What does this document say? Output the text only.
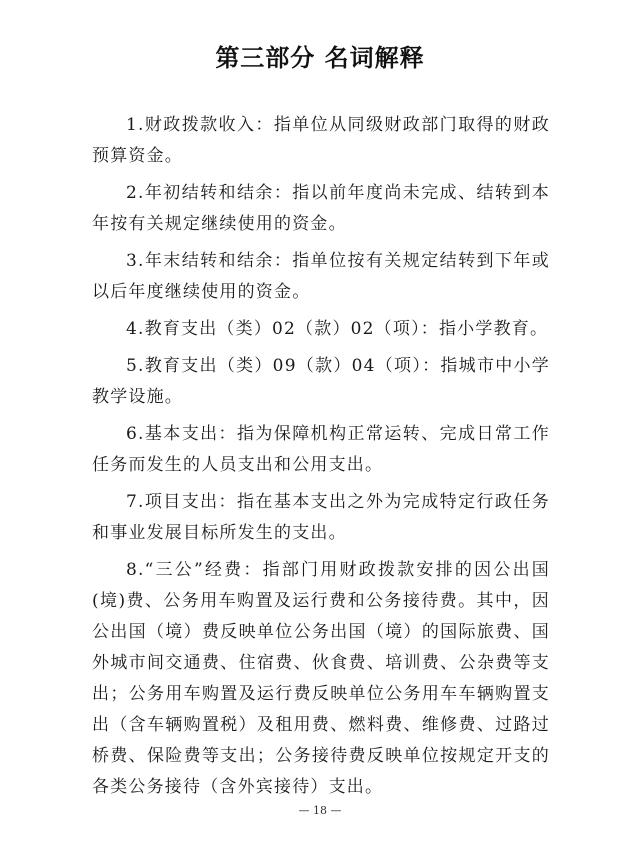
第三部分 名词解释

1.财政拨款收入：指单位从同级财政部门取得的财政预算资金。

2.年初结转和结余：指以前年度尚未完成、结转到本年按有关规定继续使用的资金。

3.年末结转和结余：指单位按有关规定结转到下年或以后年度继续使用的资金。

4.教育支出（类）02（款）02（项）：指小学教育。

5.教育支出（类）09（款）04（项）：指城市中小学教学设施。

6.基本支出：指为保障机构正常运转、完成日常工作任务而发生的人员支出和公用支出。

7.项目支出：指在基本支出之外为完成特定行政任务和事业发展目标所发生的支出。

8.“三公”经费：指部门用财政拨款安排的因公出国(境)费、公务用车购置及运行费和公务接待费。其中，因公出国（境）费反映单位公务出国（境）的国际旅费、国外城市间交通费、住宿费、伙食费、培训费、公杂费等支出；公务用车购置及运行费反映单位公务用车车辆购置支出（含车辆购置税）及租用费、燃料费、维修费、过路过桥费、保险费等支出；公务接待费反映单位按规定开支的各类公务接待（含外宾接待）支出。

— 18 —
